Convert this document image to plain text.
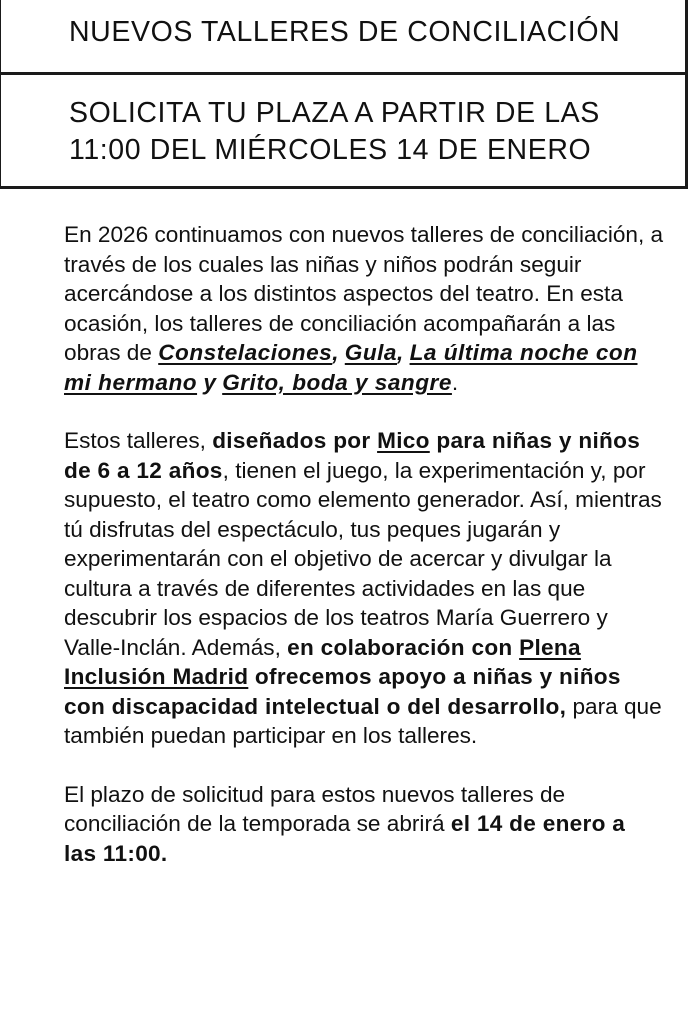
NUEVOS TALLERES DE CONCILIACIÓN
SOLICITA TU PLAZA A PARTIR DE LAS
11:00 DEL MIÉRCOLES 14 DE ENERO

En 2026 continuamos con nuevos talleres de conciliación, a través de los cuales las niñas y niños podrán seguir acercándose a los distintos aspectos del teatro. En esta ocasión, los talleres de conciliación acompañarán a las obras de Constelaciones, Gula, La última noche con mi hermano y Grito, boda y sangre.

Estos talleres, diseñados por Mico para niñas y niños de 6 a 12 años, tienen el juego, la experimentación y, por supuesto, el teatro como elemento generador. Así, mientras tú disfrutas del espectáculo, tus peques jugarán y experimentarán con el objetivo de acercar y divulgar la cultura a través de diferentes actividades en las que descubrir los espacios de los teatros María Guerrero y Valle-Inclán. Además, en colaboración con Plena Inclusión Madrid ofrecemos apoyo a niñas y niños con discapacidad intelectual o del desarrollo, para que también puedan participar en los talleres.

El plazo de solicitud para estos nuevos talleres de conciliación de la temporada se abrirá el 14 de enero a las 11:00.
